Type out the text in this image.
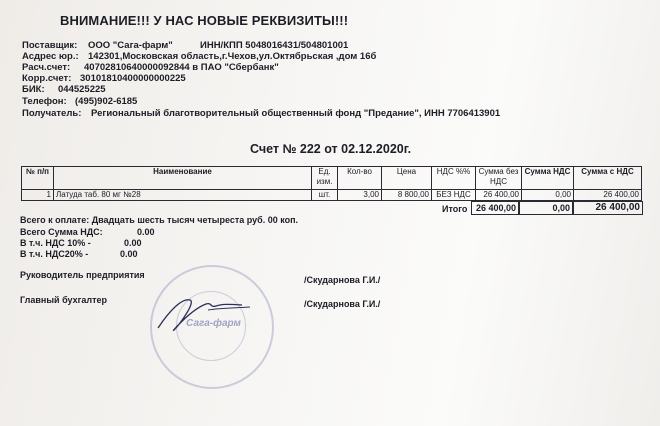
ВНИМАНИЕ!!! У НАС НОВЫЕ РЕКВИЗИТЫ!!!
Поставщик: ООО "Сага-фарм"	ИНН/КПП 5048016431/504801001
Асдрес юр.: 142301,Московская область,г.Чехов,ул.Октябрьская ,дом 16б
Расч.счет: 40702810640000092844 в ПАО "Сбербанк"
Корр.счет: 30101810400000000225
БИК: 044525225
Телефон: (495)902-6185
Получатель: Региональный благотворительный общественный фонд "Предание", ИНН 7706413901
Счет № 222 от 02.12.2020г.
№ п/п	Наименование	Ед. изм.	Кол-во	Цена	НДС %%	Сумма без НДС	Сумма НДС	Сумма с НДС
1	Латуда таб. 80 мг №28	шт.	3,00	8 800,00	БЕЗ НДС	26 400,00	0,00	26 400,00
Итого 26 400,00	0,00	26 400,00
Всего к оплате: Двадцать шесть тысяч четыреста руб. 00 коп.
Всего Сумма НДС:	0.00
В т.ч. НДС 10% -	0.00
В т.ч. НДС20% -	0.00
Сага-фарм
Руководитель предприятия	/Скударнова Г.И./
Главный бухгалтер	/Скударнова Г.И./
